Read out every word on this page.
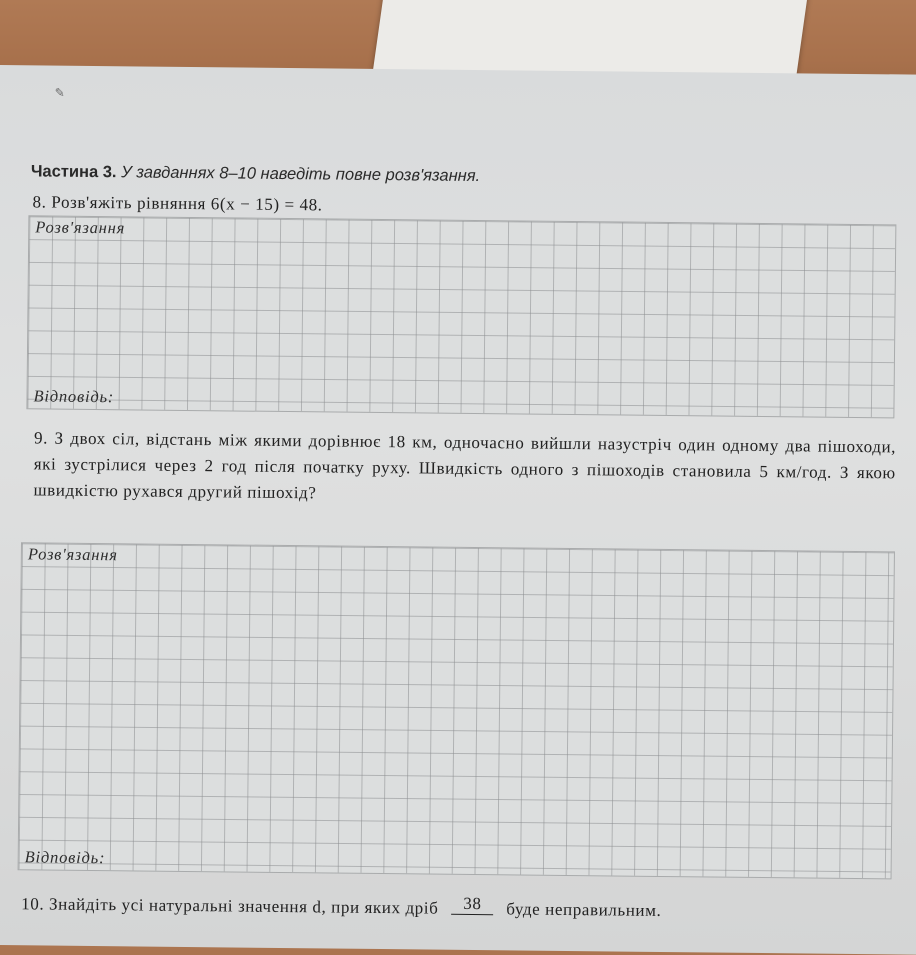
✎
Частина 3. У завданнях 8–10 наведіть повне розв'язання.
8. Розв'яжіть рівняння 6(x − 15) = 48.
Розв'язання
Відповідь:
9. З двох сіл, відстань між якими дорівнює 18 км, одночасно вийшли назустріч один одному два пішоходи, які зустрілися через 2 год після початку руху. Швидкість одного з пішоходів становила 5 км/год. З якою швидкістю рухався другий пішохід?
Розв'язання
Відповідь:
10. Знайдіть усі натуральні значення d, при яких дріб	38	буде неправильним.
